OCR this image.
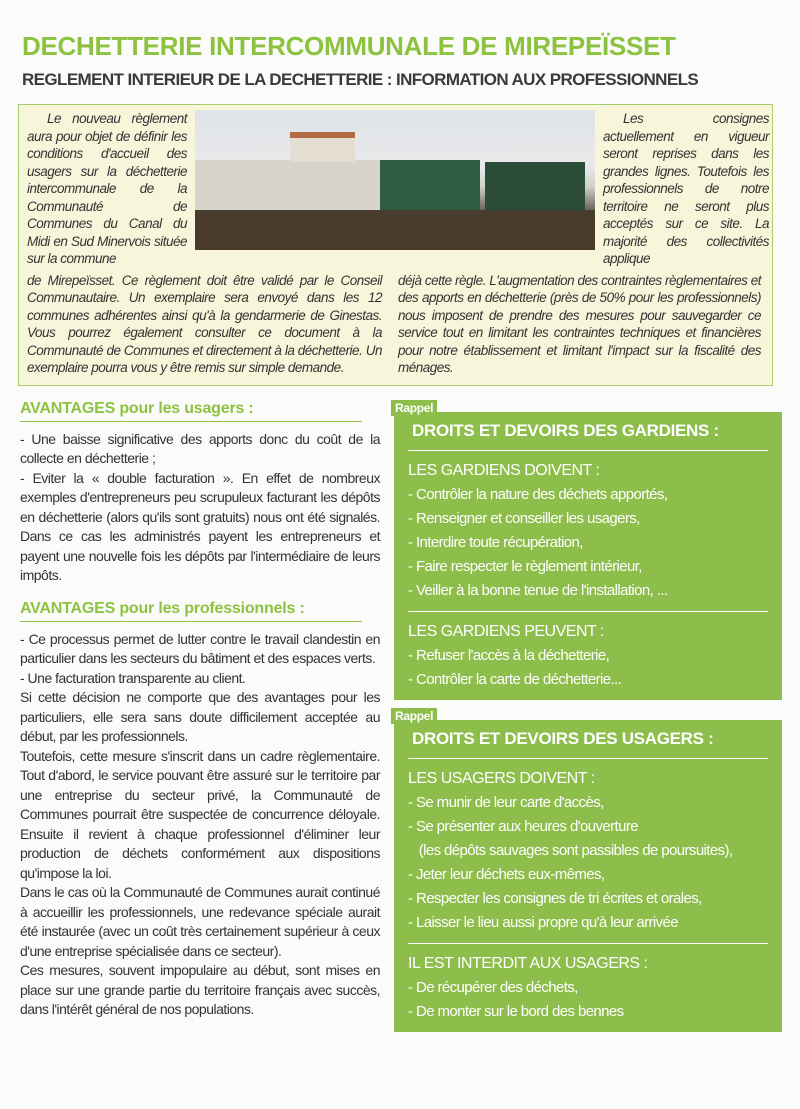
DECHETTERIE INTERCOMMUNALE DE MIREPEÏSSET
REGLEMENT INTERIEUR DE LA DECHETTERIE : INFORMATION AUX PROFESSIONNELS
Le nouveau règlement aura pour objet de définir les conditions d'accueil des usagers sur la déchetterie intercommunale de la Communauté de Communes du Canal du Midi en Sud Minervois située sur la commune
Les consignes actuellement en vigueur seront reprises dans les grandes lignes. Toutefois les professionnels de notre territoire ne seront plus acceptés sur ce site. La majorité des collectivités applique
de Mirepeïsset. Ce règlement doit être validé par le Conseil Communautaire. Un exemplaire sera envoyé dans les 12 communes adhérentes ainsi qu'à la gendarmerie de Ginestas. Vous pourrez également consulter ce document à la Communauté de Communes et directement à la déchetterie. Un exemplaire pourra vous y être remis sur simple demande.
déjà cette règle. L'augmentation des contraintes règlementaires et des apports en déchetterie (près de 50% pour les professionnels) nous imposent de prendre des mesures pour sauvegarder ce service tout en limitant les contraintes techniques et financières pour notre établissement et limitant l'impact sur la fiscalité des ménages.
AVANTAGES pour les usagers :
- Une baisse significative des apports donc du coût de la collecte en déchetterie ;
- Eviter la « double facturation ». En effet de nombreux exemples d'entrepreneurs peu scrupuleux facturant les dépôts en déchetterie (alors qu'ils sont gratuits) nous ont été signalés. Dans ce cas les administrés payent les entrepreneurs et payent une nouvelle fois les dépôts par l'intermédiaire de leurs impôts.
AVANTAGES pour les professionnels :
- Ce processus permet de lutter contre le travail clandestin en particulier dans les secteurs du bâtiment et des espaces verts.
- Une facturation transparente au client.
Si cette décision ne comporte que des avantages pour les particuliers, elle sera sans doute difficilement acceptée au début, par les professionnels.
Toutefois, cette mesure s'inscrit dans un cadre règlementaire. Tout d'abord, le service pouvant être assuré sur le territoire par une entreprise du secteur privé, la Communauté de Communes pourrait être suspectée de concurrence déloyale. Ensuite il revient à chaque professionnel d'éliminer leur production de déchets conformément aux dispositions qu'impose la loi.
Dans le cas où la Communauté de Communes aurait continué à accueillir les professionnels, une redevance spéciale aurait été instaurée (avec un coût très certainement supérieur à ceux d'une entreprise spécialisée dans ce secteur).
Ces mesures, souvent impopulaire au début, sont mises en place sur une grande partie du territoire français avec succès, dans l'intérêt général de nos populations.
Rappel
DROITS ET DEVOIRS DES GARDIENS :
LES GARDIENS DOIVENT :
- Contrôler la nature des déchets apportés,
- Renseigner et conseiller les usagers,
- Interdire toute récupération,
- Faire respecter le règlement intérieur,
- Veiller à la bonne tenue de l'installation, ...
LES GARDIENS PEUVENT :
- Refuser l'accès à la déchetterie,
- Contrôler la carte de déchetterie...
Rappel
DROITS ET DEVOIRS DES USAGERS :
LES USAGERS DOIVENT :
- Se munir de leur carte d'accès,
- Se présenter aux heures d'ouverture
(les dépôts sauvages sont passibles de poursuites),
- Jeter leur déchets eux-mêmes,
- Respecter les consignes de tri écrites et orales,
- Laisser le lieu aussi propre qu'à leur arrivée
IL EST INTERDIT AUX USAGERS :
- De récupérer des déchets,
- De monter sur le bord des bennes
